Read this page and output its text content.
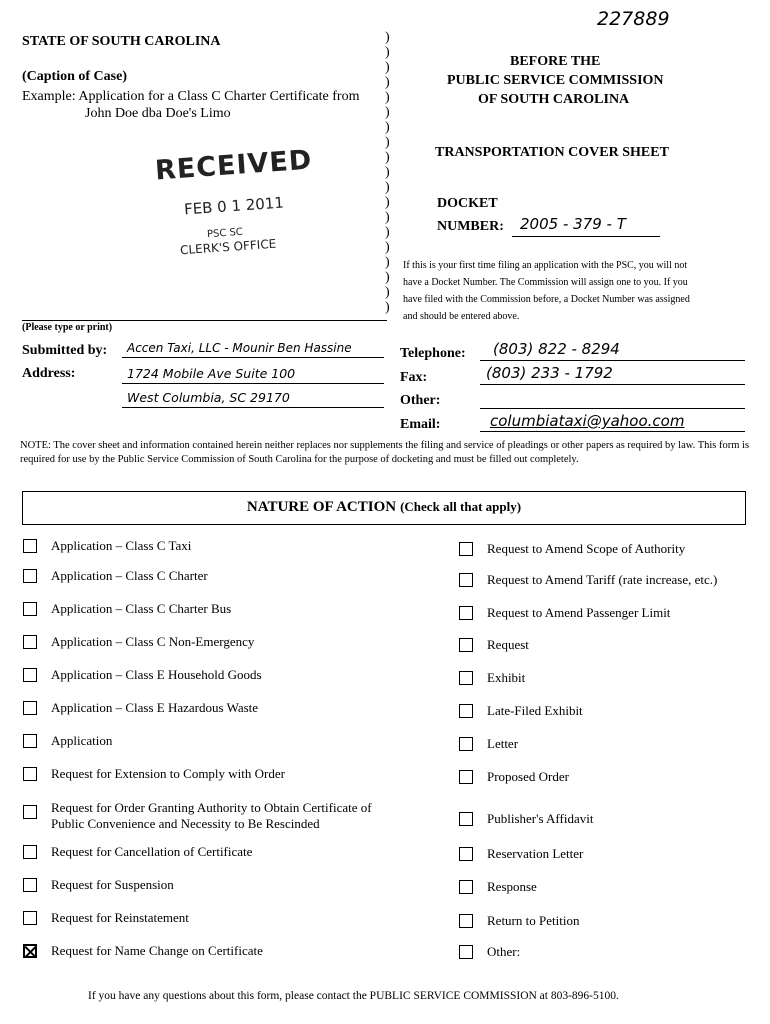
227889
STATE OF SOUTH CAROLINA
(Caption of Case)
Example: Application for a Class C Charter Certificate from
John Doe dba Doe's Limo
)
)
)
)
)
)
)
)
)
)
)
)
)
)
)
)
)
)
)

BEFORE THE
PUBLIC SERVICE COMMISSION
OF SOUTH CAROLINA
TRANSPORTATION COVER SHEET
RECEIVED
FEB 0 1 2011
PSC SC
CLERK'S OFFICE
DOCKET
NUMBER: 2005 - 379 - T
If this is your first time filing an application with the PSC, you will not
have a Docket Number. The Commission will assign one to you. If you
have filed with the Commission before, a Docket Number was assigned
and should be entered above.
(Please type or print)
Submitted by: Accen Taxi, LLC - Mounir Ben Hassine
Address:	1724 Mobile Ave Suite 100
West Columbia, SC 29170
Telephone: (803) 822 - 8294
Fax:	(803) 233 - 1792
Other:
Email:	columbiataxi@yahoo.com
NOTE: The cover sheet and information contained herein neither replaces nor supplements the filing and service of pleadings or other papers as required by law. This form is required for use by the Public Service Commission of South Carolina for the purpose of docketing and must be filled out completely.
NATURE OF ACTION (Check all that apply)
Application – Class C Taxi
Application – Class C Charter
Application – Class C Charter Bus
Application – Class C Non-Emergency
Application – Class E Household Goods
Application – Class E Hazardous Waste
Application
Request for Extension to Comply with Order
Request for Order Granting Authority to Obtain Certificate of
Public Convenience and Necessity to Be Rescinded
Request for Cancellation of Certificate
Request for Suspension
Request for Reinstatement
Request for Name Change on Certificate
Request to Amend Scope of Authority
Request to Amend Tariff (rate increase, etc.)
Request to Amend Passenger Limit
Request
Exhibit
Late-Filed Exhibit
Letter
Proposed Order
Publisher's Affidavit
Reservation Letter
Response
Return to Petition
Other:
If you have any questions about this form, please contact the PUBLIC SERVICE COMMISSION at 803-896-5100.
